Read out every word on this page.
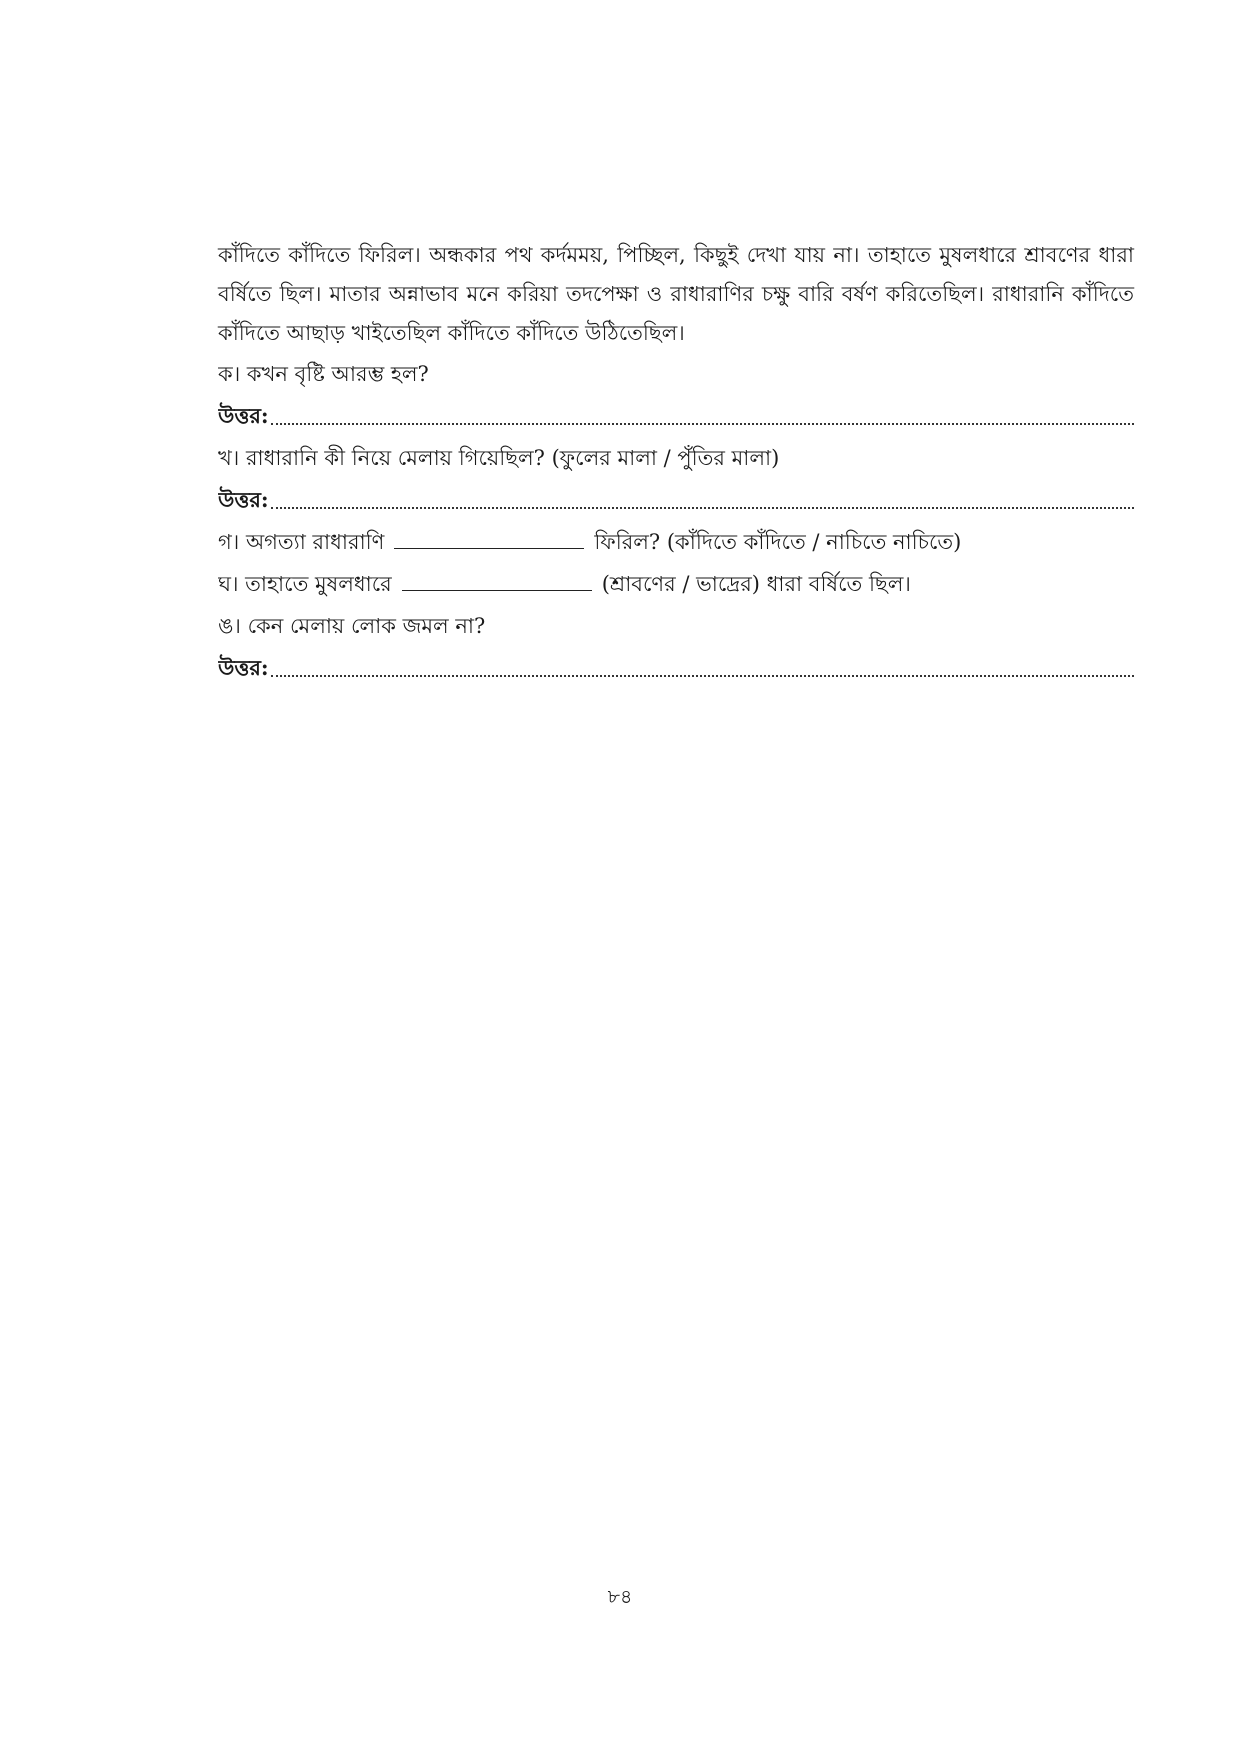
কাঁদিতে কাঁদিতে ফিরিল। অন্ধকার পথ কর্দমময়, পিচ্ছিল, কিছুই দেখা যায় না। তাহাতে মুষলধারে শ্রাবণের ধারা বর্ষিতে ছিল। মাতার অন্নাভাব মনে করিয়া তদপেক্ষা ও রাধারাণির চক্ষু বারি বর্ষণ করিতেছিল। রাধারানি কাঁদিতে কাঁদিতে আছাড় খাইতেছিল কাঁদিতে কাঁদিতে উঠিতেছিল।

ক। কখন বৃষ্টি আরম্ভ হল?
উত্তর:
খ। রাধারানি কী নিয়ে মেলায় গিয়েছিল? (ফুলের মালা / পুঁতির মালা)
উত্তর:
গ। অগত্যা রাধারাণি	ফিরিল? (কাঁদিতে কাঁদিতে / নাচিতে নাচিতে)
ঘ। তাহাতে মুষলধারে	(শ্রাবণের / ভাদ্রের) ধারা বর্ষিতে ছিল।
ঙ। কেন মেলায় লোক জমল না?
উত্তর:
৮৪
